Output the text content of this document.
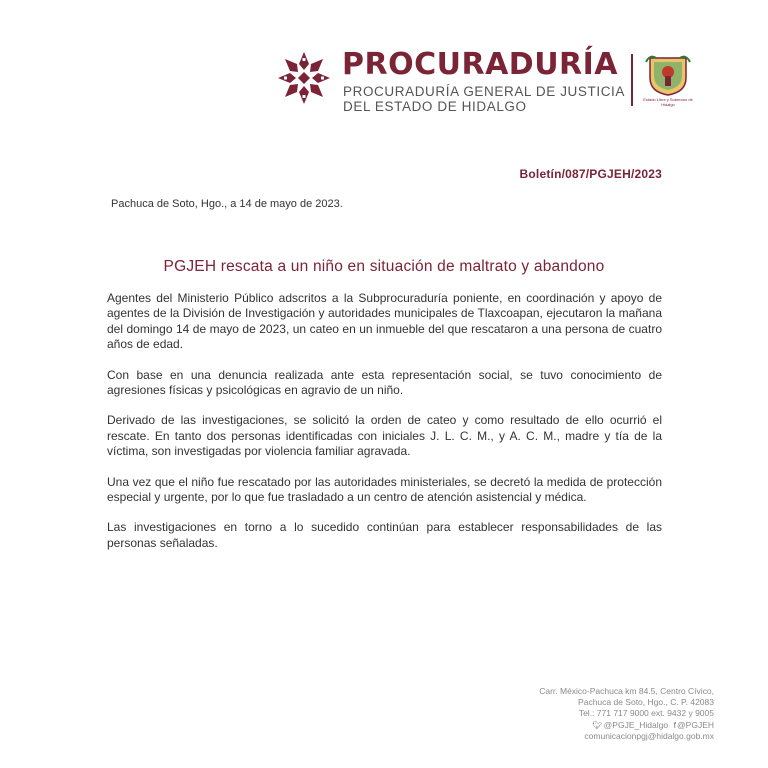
PROCURADURÍA
PROCURADURÍA GENERAL DE JUSTICIA
DEL ESTADO DE HIDALGO	Estado Libre y Soberano de Hidalgo
Boletín/087/PGJEH/2023
Pachuca de Soto, Hgo., a 14 de mayo de 2023.
PGJEH rescata a un niño en situación de maltrato y abandono

Agentes del Ministerio Público adscritos a la Subprocuraduría poniente, en coordinación y apoyo de agentes de la División de Investigación y autoridades municipales de Tlaxcoapan, ejecutaron la mañana del domingo 14 de mayo de 2023, un cateo en un inmueble del que rescataron a una persona de cuatro años de edad.

Con base en una denuncia realizada ante esta representación social, se tuvo conocimiento de agresiones físicas y psicológicas en agravio de un niño.

Derivado de las investigaciones, se solicitó la orden de cateo y como resultado de ello ocurrió el rescate. En tanto dos personas identificadas con iniciales J. L. C. M., y A. C. M., madre y tía de la víctima, son investigadas por violencia familiar agravada.

Una vez que el niño fue rescatado por las autoridades ministeriales, se decretó la medida de protección especial y urgente, por lo que fue trasladado a un centro de atención asistencial y médica.

Las investigaciones en torno a lo sucedido continúan para establecer responsabilidades de las personas señaladas.

Carr. México-Pachuca km 84.5, Centro Cívico,
Pachuca de Soto, Hgo., C. P. 42083
Tel.: 771 717 9000 ext. 9432 y 9005
🐦︎@PGJE_Hidalgo f@PGJEH
comunicacionpgj@hidalgo.gob.mx
